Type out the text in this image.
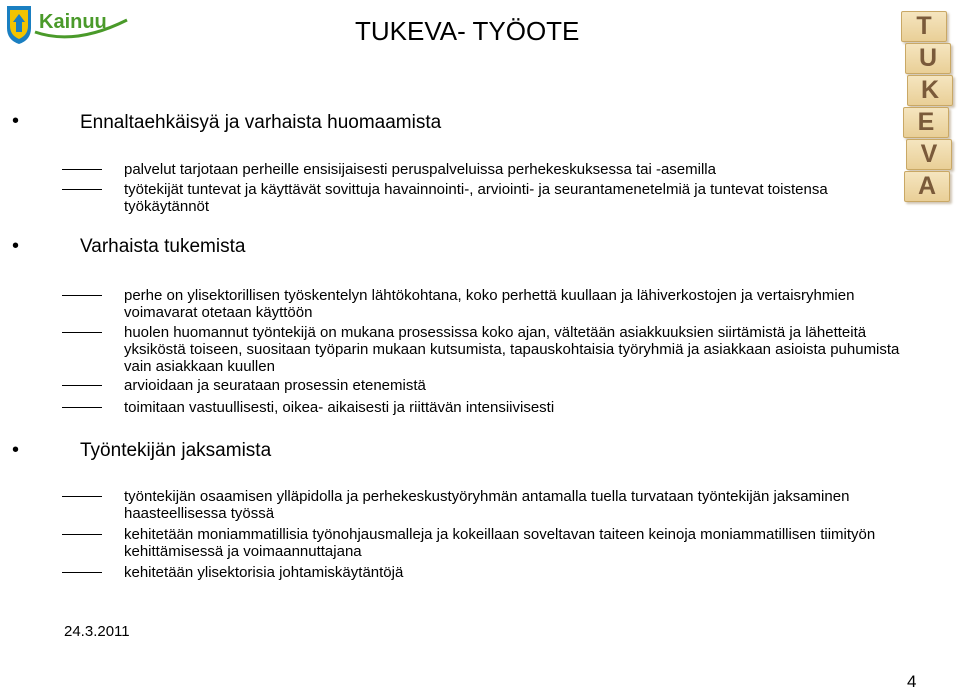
Kainuu	TUKEVA- TYÖOTE	T
U
K
E
V
A
•	Ennaltaehkäisyä ja varhaista huomaamista
palvelut tarjotaan perheille ensisijaisesti peruspalveluissa perhekeskuksessa tai -asemilla
työtekijät tuntevat ja käyttävät sovittuja havainnointi-, arviointi- ja seurantamenetelmiä ja tuntevat toistensa työkäytännöt
•	Varhaista tukemista
perhe on ylisektorillisen työskentelyn lähtökohtana, koko perhettä kuullaan ja lähiverkostojen ja vertaisryhmien voimavarat otetaan käyttöön
huolen huomannut työntekijä on mukana prosessissa koko ajan, vältetään asiakkuuksien siirtämistä ja lähetteitä yksiköstä toiseen, suositaan työparin mukaan kutsumista, tapauskohtaisia työryhmiä ja asiakkaan asioista puhumista vain asiakkaan kuullen
arvioidaan ja seurataan prosessin etenemistä
toimitaan vastuullisesti, oikea- aikaisesti ja riittävän intensiivisesti
•	Työntekijän jaksamista
työntekijän osaamisen ylläpidolla ja perhekeskustyöryhmän antamalla tuella turvataan työntekijän jaksaminen haasteellisessa työssä
kehitetään moniammatillisia työnohjausmalleja ja kokeillaan soveltavan taiteen keinoja moniammatillisen tiimityön kehittämisessä ja voimaannuttajana
kehitetään ylisektorisia johtamiskäytäntöjä
24.3.2011
4
